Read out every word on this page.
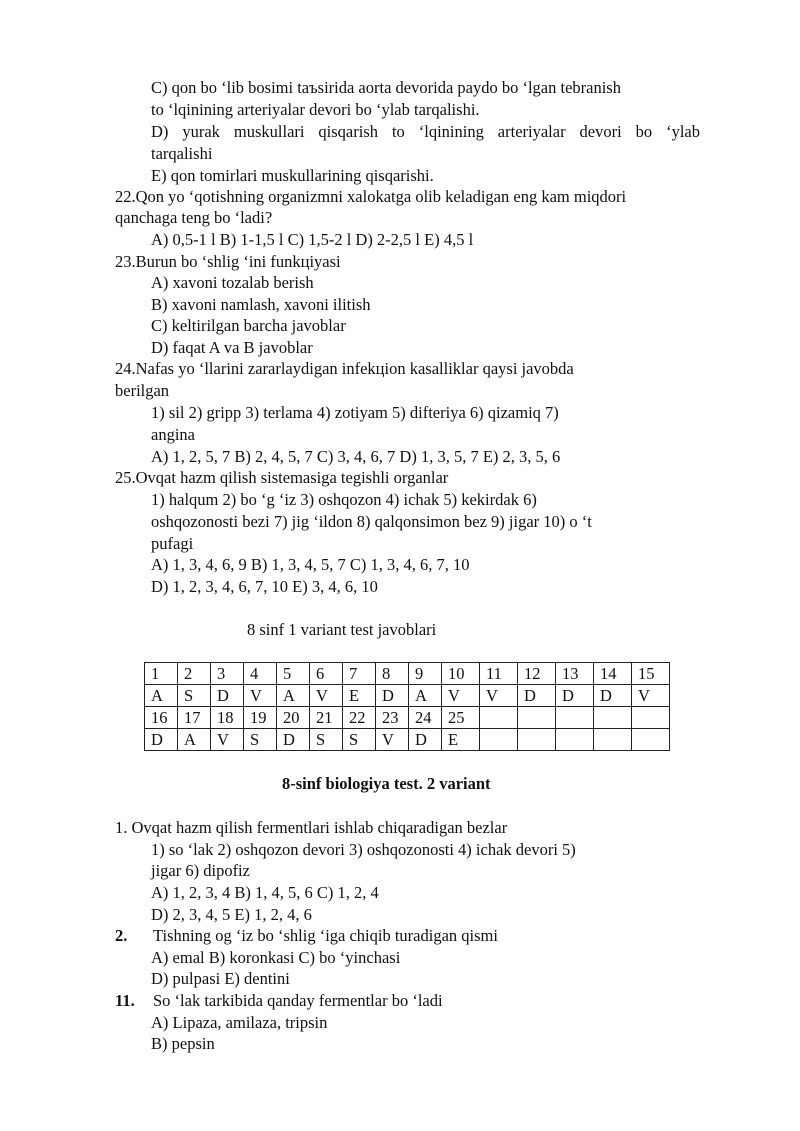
C) qon bo ‘lib bosimi taъsirida aorta devorida paydo bo ‘lgan tebranish
to ‘lqinining arteriyalar devori bo ‘ylab tarqalishi.
D) yurak muskullari qisqarish to ‘lqinining arteriyalar devori bo ‘ylab
tarqalishi
E) qon tomirlari muskullarining qisqarishi.
22.Qon yo ‘qotishning organizmni xalokatga olib keladigan eng kam miqdori
qanchaga teng bo ‘ladi?
A) 0,5-1 l B) 1-1,5 l C) 1,5-2 l D) 2-2,5 l E) 4,5 l
23.Burun bo ‘shlig ‘ini funkцiyasi
A) xavoni tozalab berish
B) xavoni namlash, xavoni ilitish
C) keltirilgan barcha javoblar
D) faqat A va B javoblar
24.Nafas yo ‘llarini zararlaydigan infekцion kasalliklar qaysi javobda
berilgan
1) sil 2) gripp 3) terlama 4) zotiyam 5) difteriya 6) qizamiq 7)
angina
A) 1, 2, 5, 7 B) 2, 4, 5, 7 C) 3, 4, 6, 7 D) 1, 3, 5, 7 E) 2, 3, 5, 6
25.Ovqat hazm qilish sistemasiga tegishli organlar
1) halqum 2) bo ‘g ‘iz 3) oshqozon 4) ichak 5) kekirdak 6)
oshqozonosti bezi 7) jig ‘ildon 8) qalqonsimon bez 9) jigar 10) o ‘t
pufagi
A) 1, 3, 4, 6, 9 B) 1, 3, 4, 5, 7 C) 1, 3, 4, 6, 7, 10
D) 1, 2, 3, 4, 6, 7, 10 E) 3, 4, 6, 10
8 sinf 1 variant test javoblari
1	2	3	4	5	6	7	8	9	10	11	12	13	14	15
A	S	D	V	A	V	E	D	A	V	V	D	D	D	V
16	17	18	19	20	21	22	23	24	25					
D	A	V	S	D	S	S	V	D	E					
8-sinf biologiya test. 2 variant
1. Ovqat hazm qilish fermentlari ishlab chiqaradigan bezlar
1) so ‘lak 2) oshqozon devori 3) oshqozonosti 4) ichak devori 5)
jigar 6) dipofiz
A) 1, 2, 3, 4 B) 1, 4, 5, 6 C) 1, 2, 4
D) 2, 3, 4, 5 E) 1, 2, 4, 6
2. Tishning og ‘iz bo ‘shlig ‘iga chiqib turadigan qismi
A) emal B) koronkasi C) bo ‘yinchasi
D) pulpasi E) dentini
11. So ‘lak tarkibida qanday fermentlar bo ‘ladi
A) Lipaza, amilaza, tripsin
B) pepsin
